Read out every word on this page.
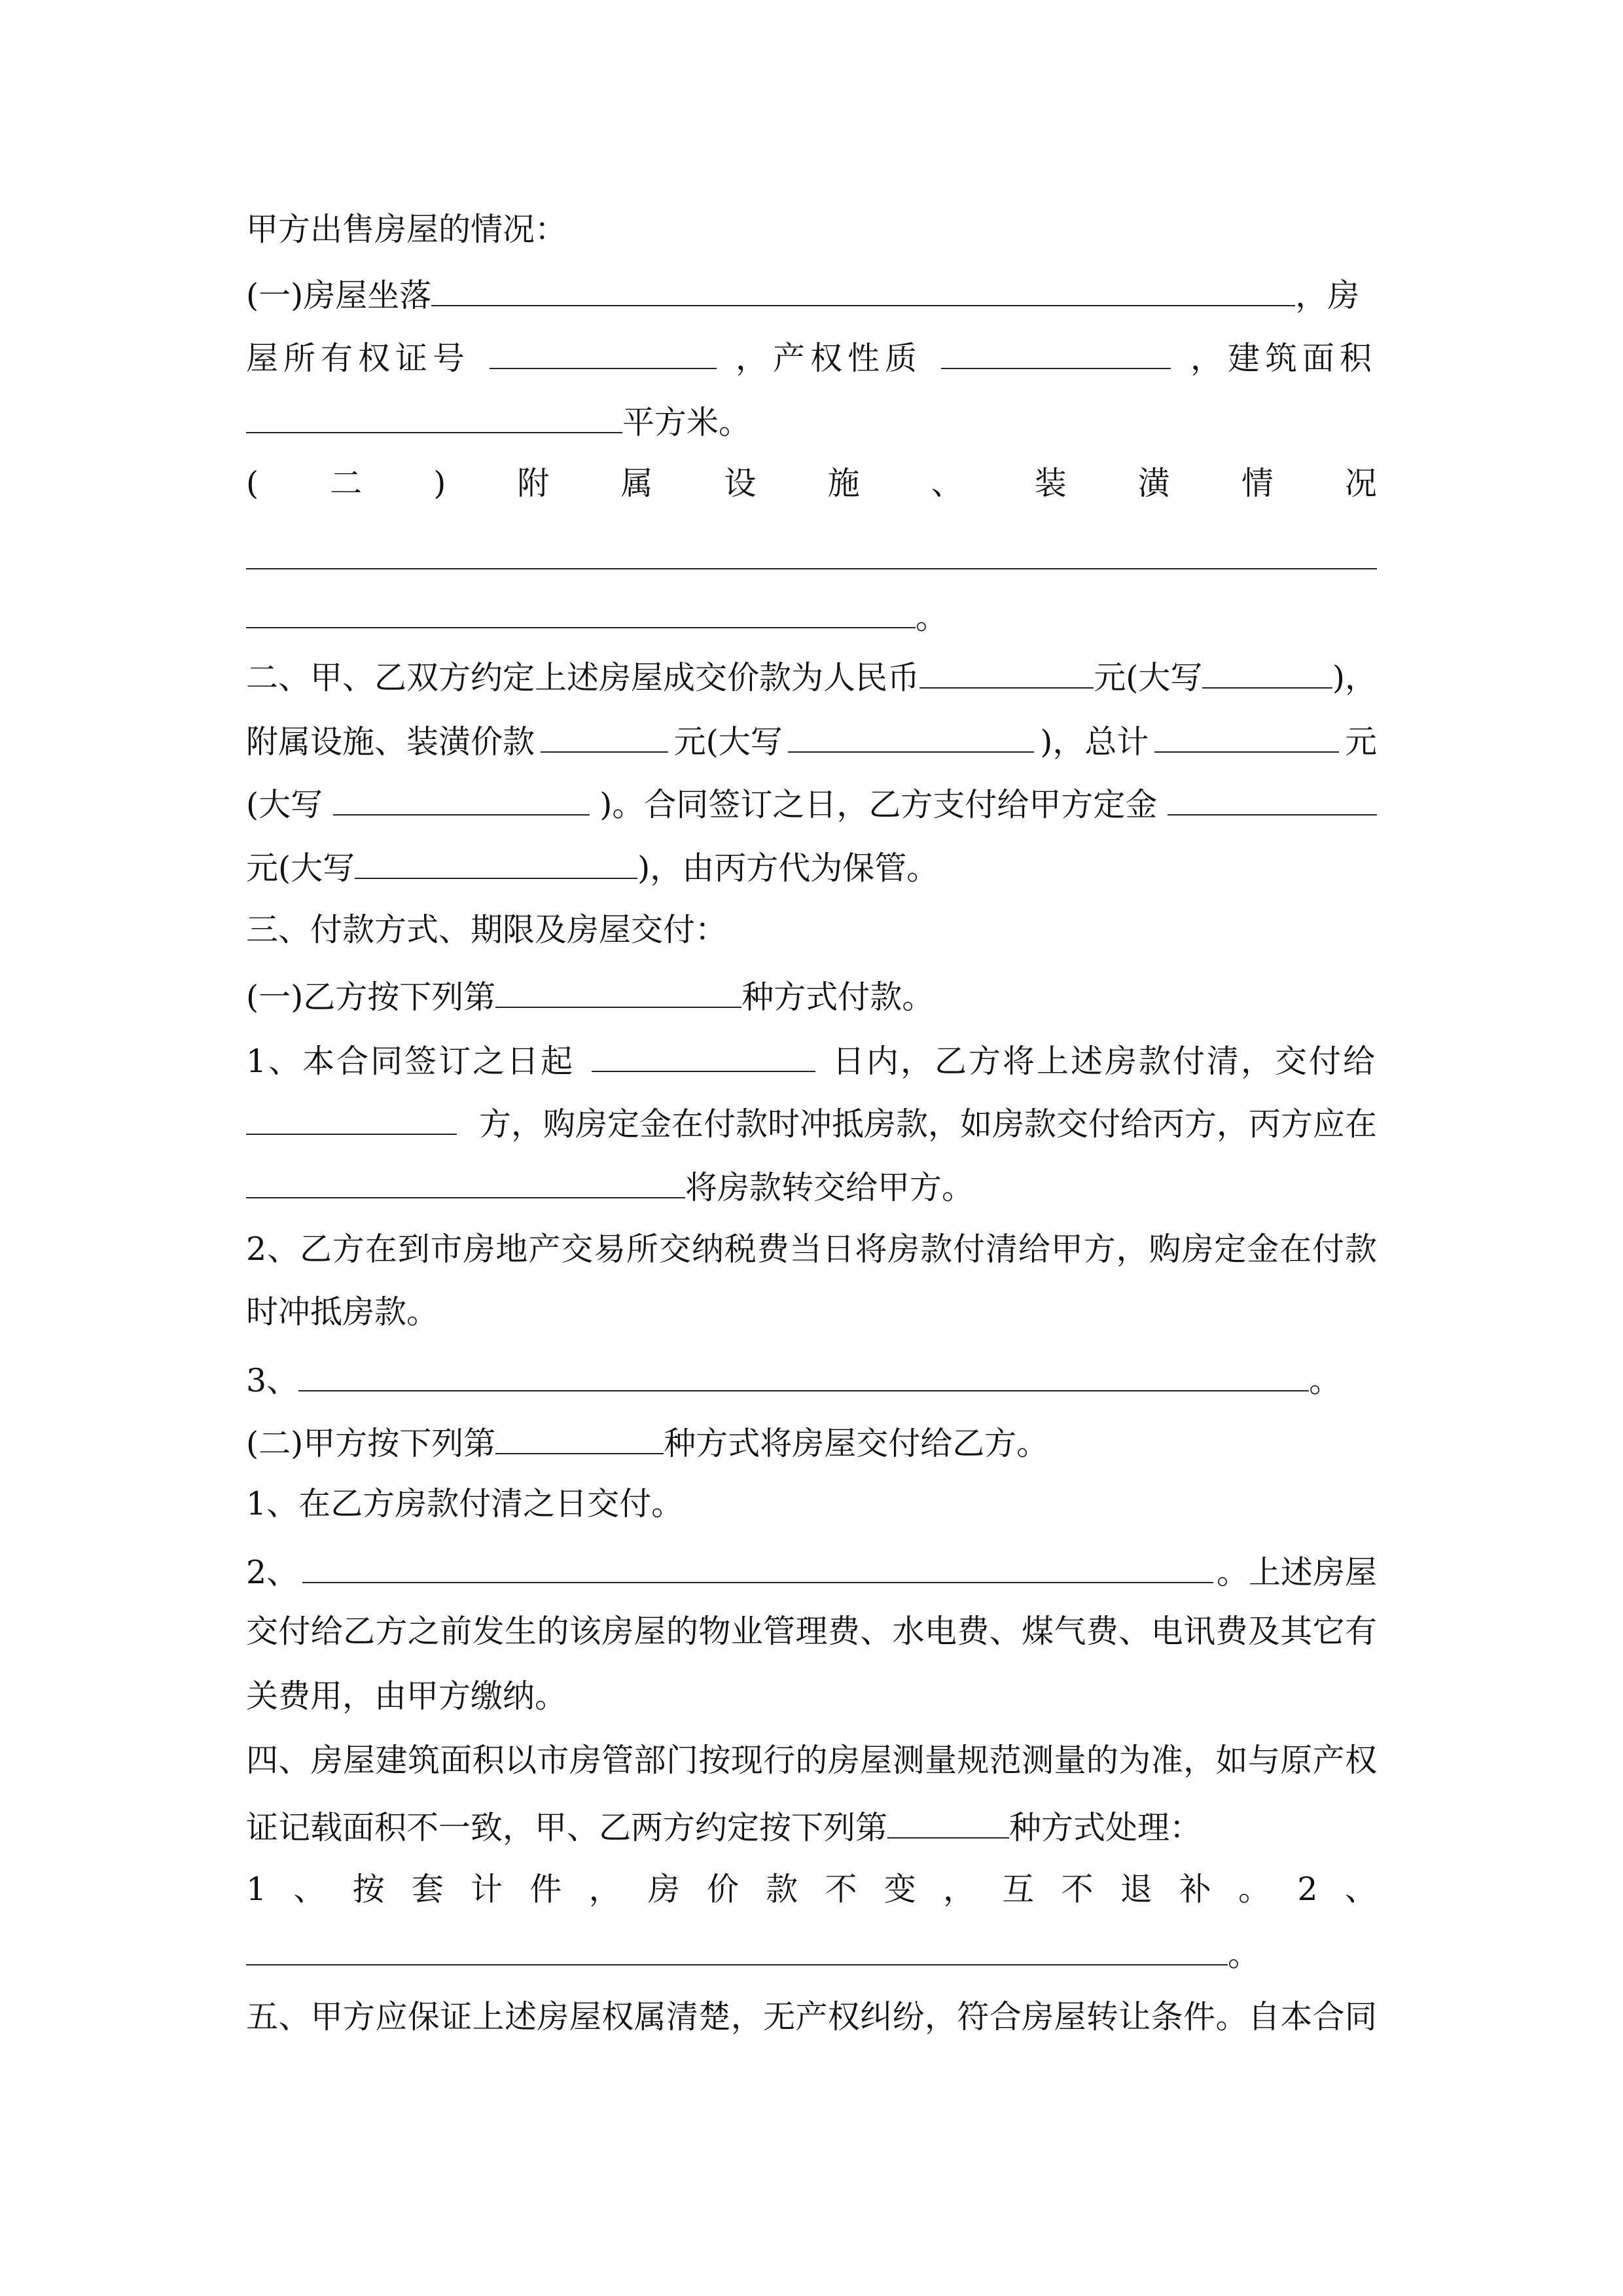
甲方出售房屋的情况：
(一)房屋坐落	，房
屋所有权证号	，产权性质	，建筑面积
平方米。
( 二 ) 附 属 设 施 、 装 潢 情 况
。
二、甲、乙双方约定上述房屋成交价款为人民币	元(大写	)，
附属设施、装潢价款	元(大写	)，总计	元
(大写	)。合同签订之日，乙方支付给甲方定金
元(大写	)，由丙方代为保管。
三、付款方式、期限及房屋交付：
(一)乙方按下列第	种方式付款。
1、本合同签订之日起	日内，乙方将上述房款付清，交付给
方，购房定金在付款时冲抵房款，如房款交付给丙方，丙方应在
将房款转交给甲方。
2、乙方在到市房地产交易所交纳税费当日将房款付清给甲方，购房定金在付款
时冲抵房款。
3、	。
(二)甲方按下列第	种方式将房屋交付给乙方。
1、在乙方房款付清之日交付。
2、	。上述房屋
交付给乙方之前发生的该房屋的物业管理费、水电费、煤气费、电讯费及其它有
关费用，由甲方缴纳。
四、房屋建筑面积以市房管部门按现行的房屋测量规范测量的为准，如与原产权
证记载面积不一致，甲、乙两方约定按下列第	种方式处理：
1 、 按 套 计 件 ， 房 价 款 不 变 ， 互 不 退 补 。 2 、
。
五、甲方应保证上述房屋权属清楚，无产权纠纷，符合房屋转让条件。自本合同
